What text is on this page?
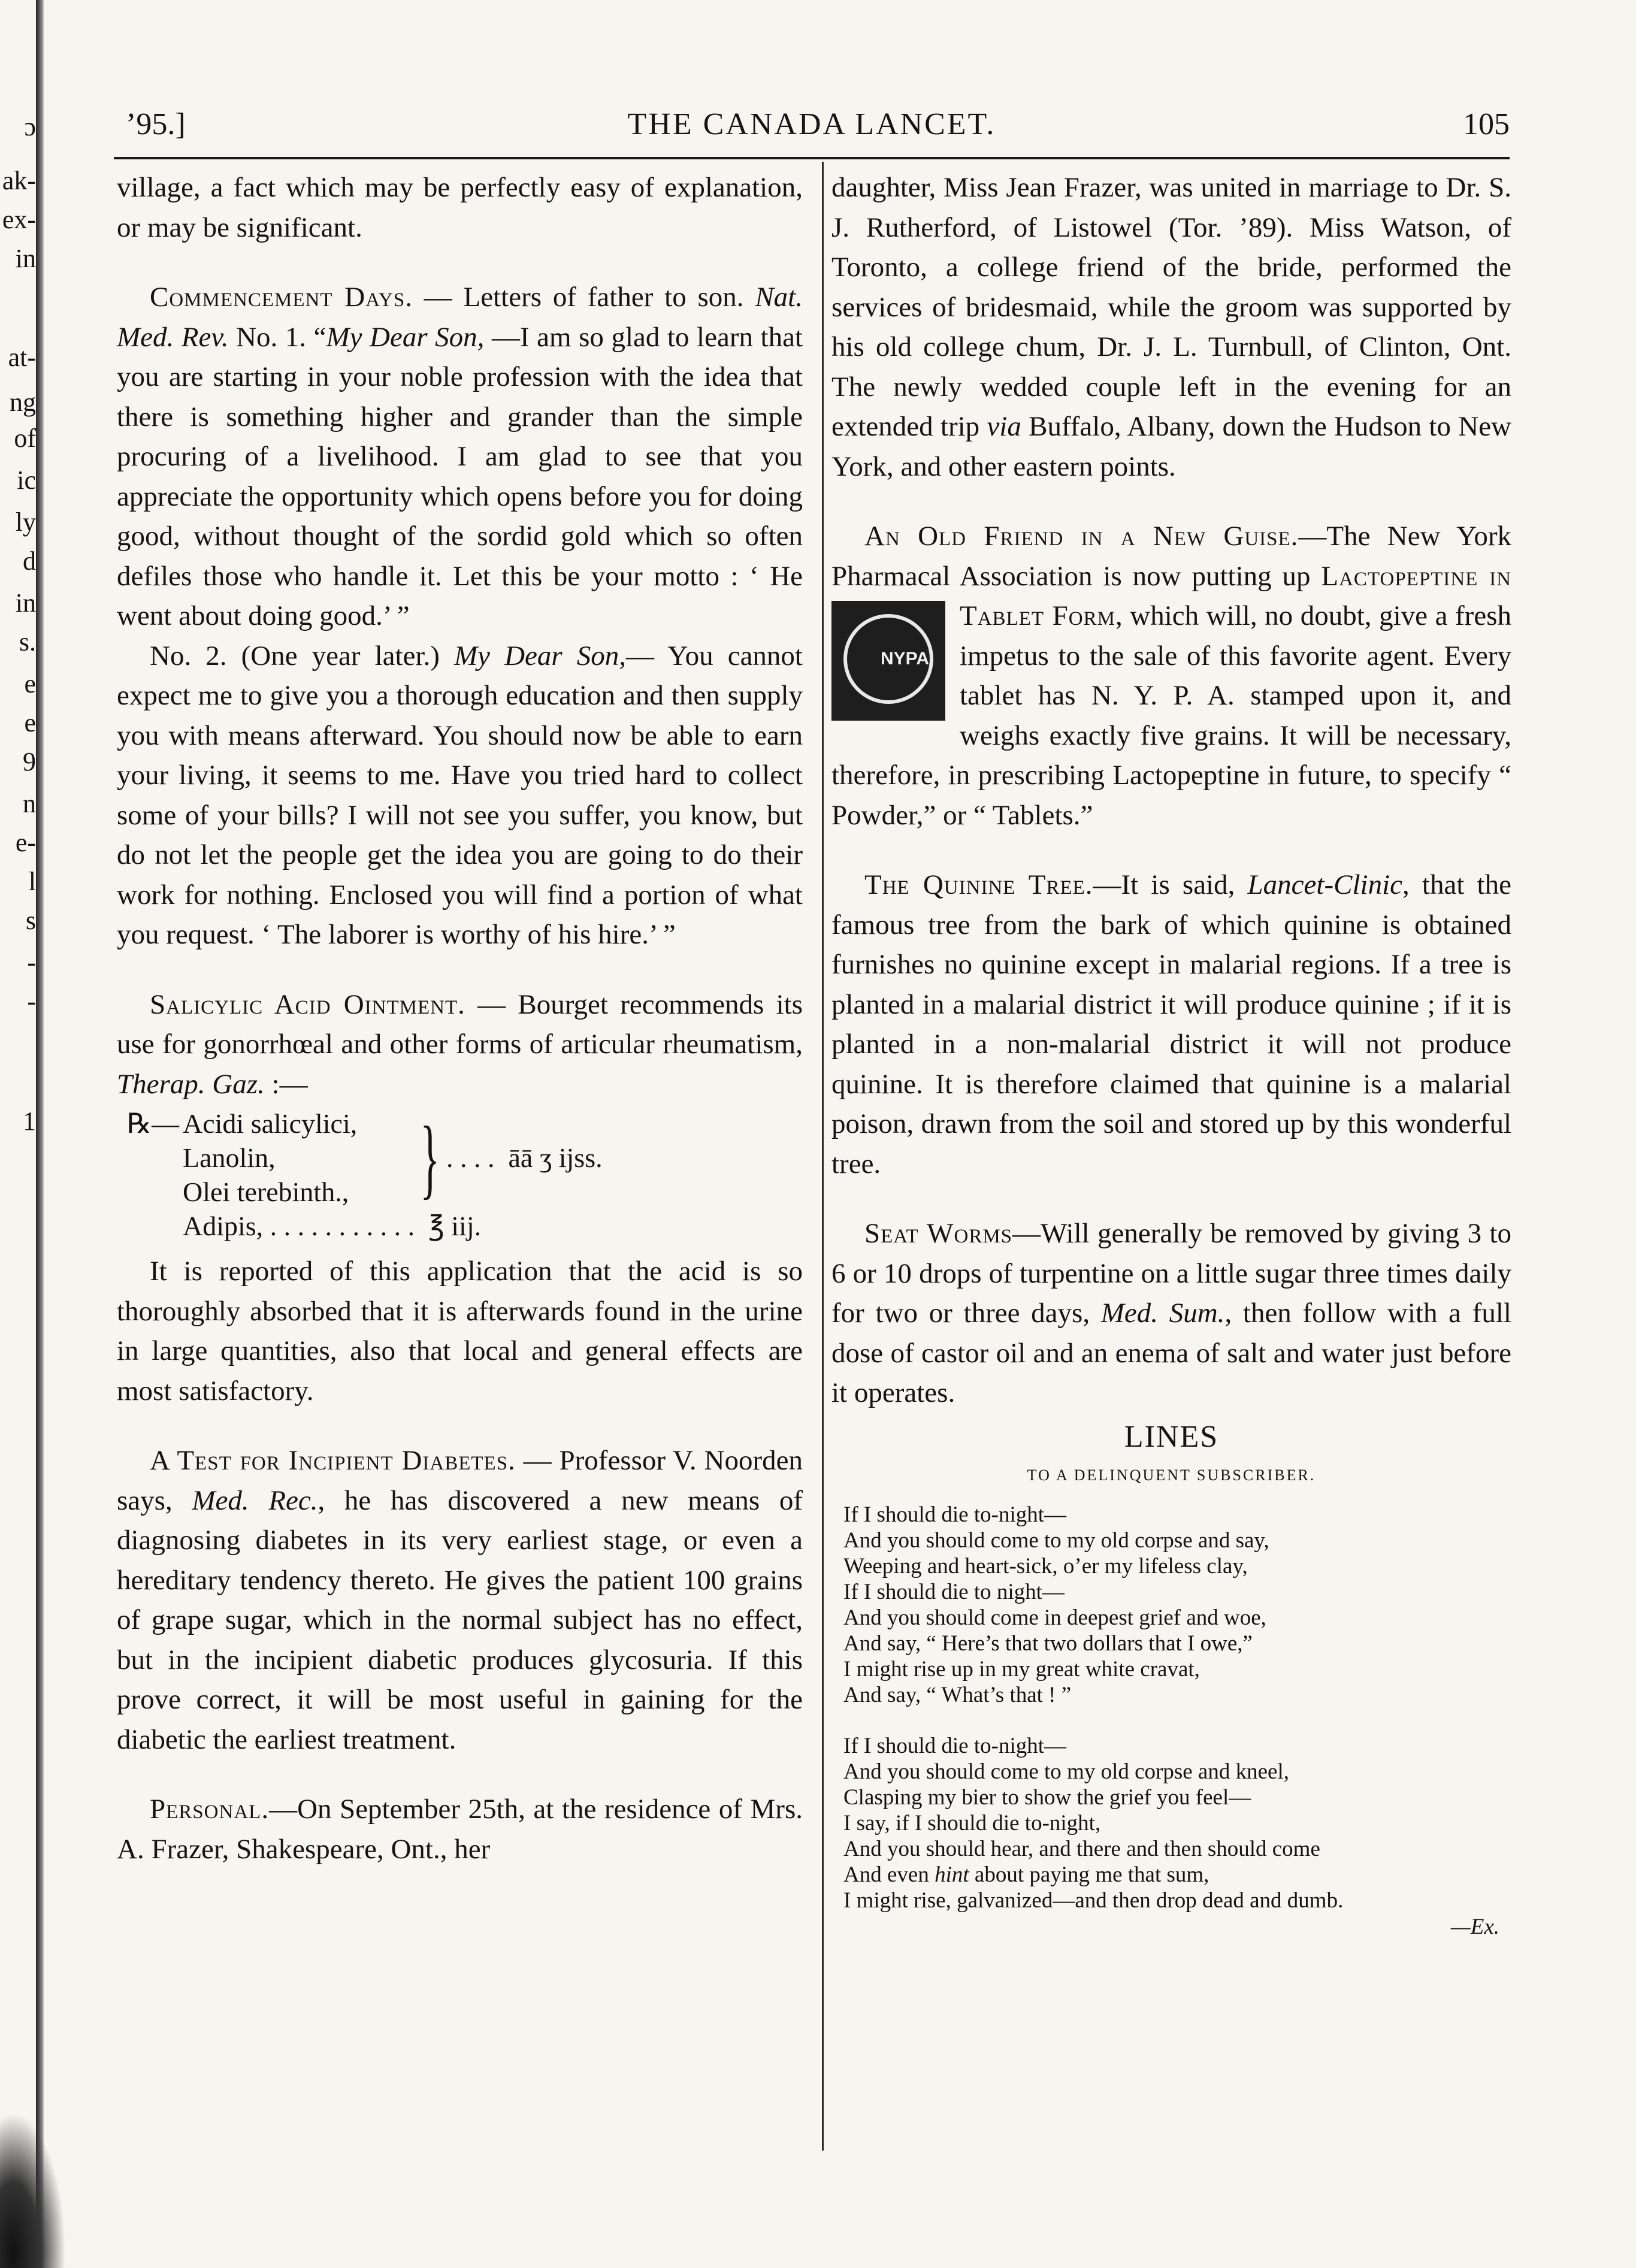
ɔ
ak-
ex-
in
at-
ng
of
ic
ly
d
in
s.
e
e
9
n
e-
l
s
-
-
1
’95.]	THE CANADA LANCET.	105

village, a fact which may be perfectly easy of explanation, or may be significant.

Commencement Days. — Letters of father to son. Nat. Med. Rev. No. 1. “My Dear Son, —I am so glad to learn that you are starting in your noble profession with the idea that there is something higher and grander than the simple procuring of a livelihood. I am glad to see that you appreciate the opportunity which opens before you for doing good, without thought of the sordid gold which so often defiles those who handle it. Let this be your motto : ‘ He went about doing good.’ ”

No. 2. (One year later.) My Dear Son,— You cannot expect me to give you a thorough education and then supply you with means afterward. You should now be able to earn your living, it seems to me. Have you tried hard to collect some of your bills? I will not see you suffer, you know, but do not let the people get the idea you are going to do their work for nothing. Enclosed you will find a portion of what you request. ‘ The laborer is worthy of his hire.’ ”

Salicylic Acid Ointment. — Bourget recommends its use for gonorrhœal and other forms of articular rheumatism, Therap. Gaz. :—

℞— Acidi salicylici,
Lanolin,
Olei terebinth., } . . . .  āā ʒ ijss.
Adipis, . . . . . . . . . . .  ℥ iij.

It is reported of this application that the acid is so thoroughly absorbed that it is afterwards found in the urine in large quantities, also that local and general effects are most satisfactory.

A Test for Incipient Diabetes. — Professor V. Noorden says, Med. Rec., he has discovered a new means of diagnosing diabetes in its very earliest stage, or even a hereditary tendency thereto. He gives the patient 100 grains of grape sugar, which in the normal subject has no effect, but in the incipient diabetic produces glycosuria. If this prove correct, it will be most useful in gaining for the diabetic the earliest treatment.

Personal.—On September 25th, at the residence of Mrs. A. Frazer, Shakespeare, Ont., her

daughter, Miss Jean Frazer, was united in marriage to Dr. S. J. Rutherford, of Listowel (Tor. ’89). Miss Watson, of Toronto, a college friend of the bride, performed the services of bridesmaid, while the groom was supported by his old college chum, Dr. J. L. Turnbull, of Clinton, Ont. The newly wedded couple left in the evening for an extended trip via Buffalo, Albany, down the Hudson to New York, and other eastern points.

An Old Friend in a New Guise.—The New York Pharmacal Association is now putting up Lactopeptine in Tablet Form
NYPA
, which will, no doubt, give a fresh impetus to the sale of this favorite agent. Every tablet has N. Y. P. A. stamped upon it, and weighs exactly five grains. It will be necessary, therefore, in prescribing Lactopeptine in future, to specify “ Powder,” or “ Tablets.”

The Quinine Tree.—It is said, Lancet-Clinic, that the famous tree from the bark of which quinine is obtained furnishes no quinine except in malarial regions. If a tree is planted in a malarial district it will produce quinine ; if it is planted in a non-malarial district it will not produce quinine. It is therefore claimed that quinine is a malarial poison, drawn from the soil and stored up by this wonderful tree.

Seat Worms—Will generally be removed by giving 3 to 6 or 10 drops of turpentine on a little sugar three times daily for two or three days, Med. Sum., then follow with a full dose of castor oil and an enema of salt and water just before it operates.

LINES
TO A DELINQUENT SUBSCRIBER.
If I should die to-night—
And you should come to my old corpse and say,
Weeping and heart-sick, o’er my lifeless clay,
If I should die to night—
And you should come in deepest grief and woe,
And say, “ Here’s that two dollars that I owe,”
I might rise up in my great white cravat,
And say, “ What’s that ! ”
If I should die to-night—
And you should come to my old corpse and kneel,
Clasping my bier to show the grief you feel—
I say, if I should die to-night,
And you should hear, and there and then should come
And even hint about paying me that sum,
I might rise, galvanized—and then drop dead and dumb.
—Ex.
